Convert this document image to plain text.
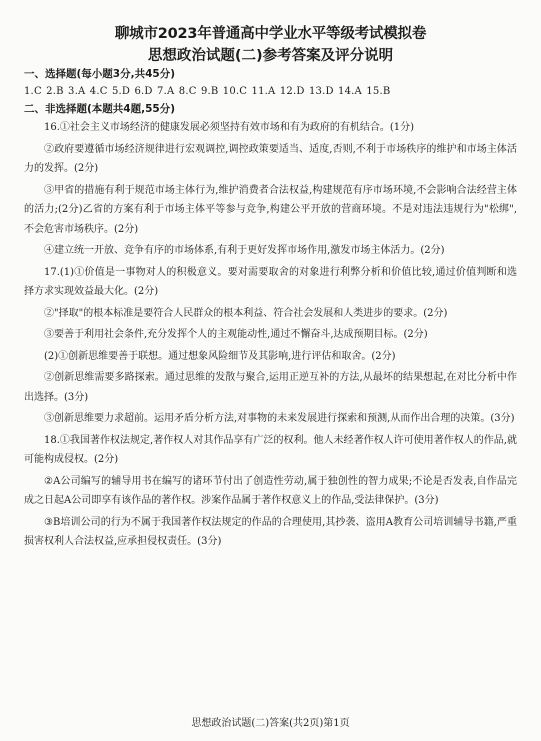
聊城市2023年普通高中学业水平等级考试模拟卷
思想政治试题(二)参考答案及评分说明
一、选择题(每小题3分,共45分)
1.C 2.B 3.A 4.C 5.D 6.D 7.A 8.C 9.B 10.C 11.A 12.D 13.D 14.A 15.B
二、非选择题(本题共4题,55分)

16.①社会主义市场经济的健康发展必须坚持有效市场和有为政府的有机结合。(1分)

②政府要遵循市场经济规律进行宏观调控,调控政策要适当、适度,否则,不利于市场秩序的维护和市场主体活力的发挥。(2分)

③甲省的措施有利于规范市场主体行为,维护消费者合法权益,构建规范有序市场环境,不会影响合法经营主体的活力;(2分)乙省的方案有利于市场主体平等参与竞争,构建公平开放的营商环境。不是对违法违规行为"松绑",不会危害市场秩序。(2分)

④建立统一开放、竞争有序的市场体系,有利于更好发挥市场作用,激发市场主体活力。(2分)

17.(1)①价值是一事物对人的积极意义。要对需要取舍的对象进行利弊分析和价值比较,通过价值判断和选择方求实现效益最大化。(2分)

②"择取"的根本标准是要符合人民群众的根本利益、符合社会发展和人类进步的要求。(2分)

③要善于利用社会条件,充分发挥个人的主观能动性,通过不懈奋斗,达成预期目标。(2分)

(2)①创新思维要善于联想。通过想象风险细节及其影响,进行评估和取舍。(2分)

②创新思维需要多路探索。通过思维的发散与聚合,运用正逆互补的方法,从最坏的结果想起,在对比分析中作出选择。(3分)

③创新思维要力求超前。运用矛盾分析方法,对事物的未来发展进行探索和预测,从而作出合理的决策。(3分)

18.①我国著作权法规定,著作权人对其作品享有广泛的权利。他人未经著作权人许可使用著作权人的作品,就可能构成侵权。(2分)

②A公司编写的辅导用书在编写的诸环节付出了创造性劳动,属于独创性的智力成果;不论是否发表,自作品完成之日起A公司即享有该作品的著作权。涉案作品属于著作权意义上的作品,受法律保护。(3分)

③B培训公司的行为不属于我国著作权法规定的作品的合理使用,其抄袭、盗用A教育公司培训辅导书籍,严重损害权利人合法权益,应承担侵权责任。(3分)

思想政治试题(二)答案(共2页)第1页
